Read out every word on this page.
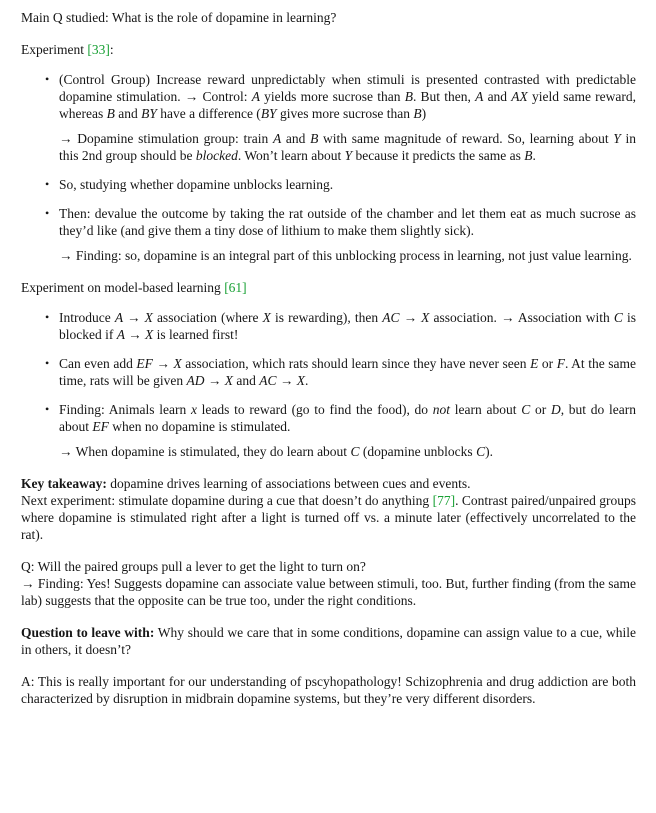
Main Q studied: What is the role of dopamine in learning?

Experiment [33]:

• (Control Group) Increase reward unpredictably when stimuli is presented contrasted with predictable dopamine stimulation. → Control: A yields more sucrose than B. But then, A and AX yield same reward, whereas B and BY have a difference (BY gives more sucrose than B)

→ Dopamine stimulation group: train A and B with same magnitude of reward. So, learning about Y in this 2nd group should be blocked. Won’t learn about Y because it predicts the same as B.

• So, studying whether dopamine unblocks learning.

• Then: devalue the outcome by taking the rat outside of the chamber and let them eat as much sucrose as they’d like (and give them a tiny dose of lithium to make them slightly sick).

→ Finding: so, dopamine is an integral part of this unblocking process in learning, not just value learning.

Experiment on model-based learning [61]

• Introduce A → X association (where X is rewarding), then AC → X association. → Association with C is blocked if A → X is learned first!

• Can even add EF → X association, which rats should learn since they have never seen E or F. At the same time, rats will be given AD → X and AC → X.

• Finding: Animals learn x leads to reward (go to find the food), do not learn about C or D, but do learn about EF when no dopamine is stimulated.

→ When dopamine is stimulated, they do learn about C (dopamine unblocks C).

Key takeaway: dopamine drives learning of associations between cues and events.

Next experiment: stimulate dopamine during a cue that doesn’t do anything [77]. Contrast paired/unpaired groups where dopamine is stimulated right after a light is turned off vs. a minute later (effectively uncorrelated to the rat).

Q: Will the paired groups pull a lever to get the light to turn on?

→ Finding: Yes! Suggests dopamine can associate value between stimuli, too. But, further finding (from the same lab) suggests that the opposite can be true too, under the right conditions.

Question to leave with: Why should we care that in some conditions, dopamine can assign value to a cue, while in others, it doesn’t?

A: This is really important for our understanding of pscyhopathology! Schizophrenia and drug addiction are both characterized by disruption in midbrain dopamine systems, but they’re very different disorders.
